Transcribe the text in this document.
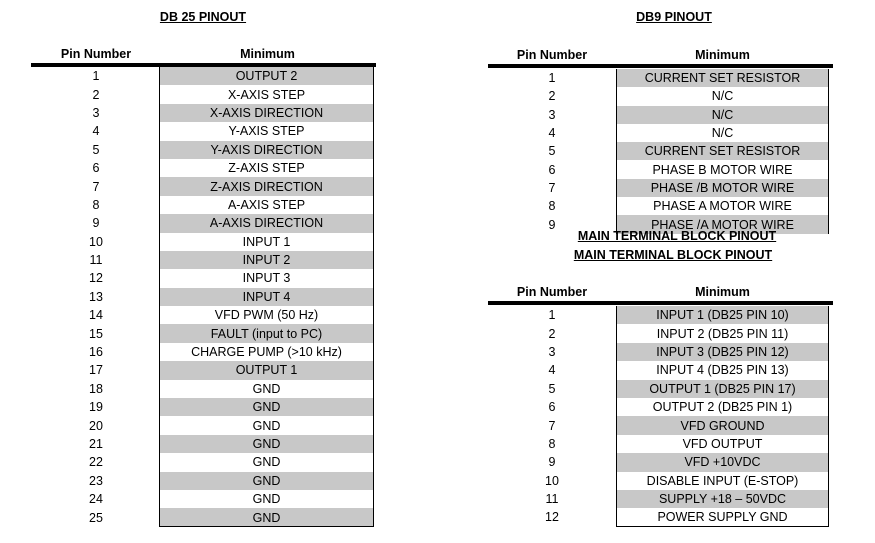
DB 25 PINOUT
Pin Number	Minimum
1	OUTPUT 2
2	X-AXIS STEP
3	X-AXIS DIRECTION
4	Y-AXIS STEP
5	Y-AXIS DIRECTION
6	Z-AXIS STEP
7	Z-AXIS DIRECTION
8	A-AXIS STEP
9	A-AXIS DIRECTION
10	INPUT 1
11	INPUT 2
12	INPUT 3
13	INPUT 4
14	VFD PWM (50 Hz)
15	FAULT (input to PC)
16	CHARGE PUMP (>10 kHz)
17	OUTPUT 1
18	GND
19	GND
20	GND
21	GND
22	GND
23	GND
24	GND
25	GND
DB9 PINOUT
Pin Number	Minimum
1	CURRENT SET RESISTOR
2	N/C
3	N/C
4	N/C
5	CURRENT SET RESISTOR
6	PHASE B MOTOR WIRE
7	PHASE /B MOTOR WIRE
8	PHASE A MOTOR WIRE
9	PHASE /A MOTOR WIRE
MAIN TERMINAL BLOCK PINOUT
MAIN TERMINAL BLOCK PINOUT
Pin Number	Minimum
1	INPUT 1 (DB25 PIN 10)
2	INPUT 2 (DB25 PIN 11)
3	INPUT 3 (DB25 PIN 12)
4	INPUT 4 (DB25 PIN 13)
5	OUTPUT 1 (DB25 PIN 17)
6	OUTPUT 2 (DB25 PIN 1)
7	VFD GROUND
8	VFD OUTPUT
9	VFD +10VDC
10	DISABLE INPUT (E-STOP)
11	SUPPLY +18 – 50VDC
12	POWER SUPPLY GND
